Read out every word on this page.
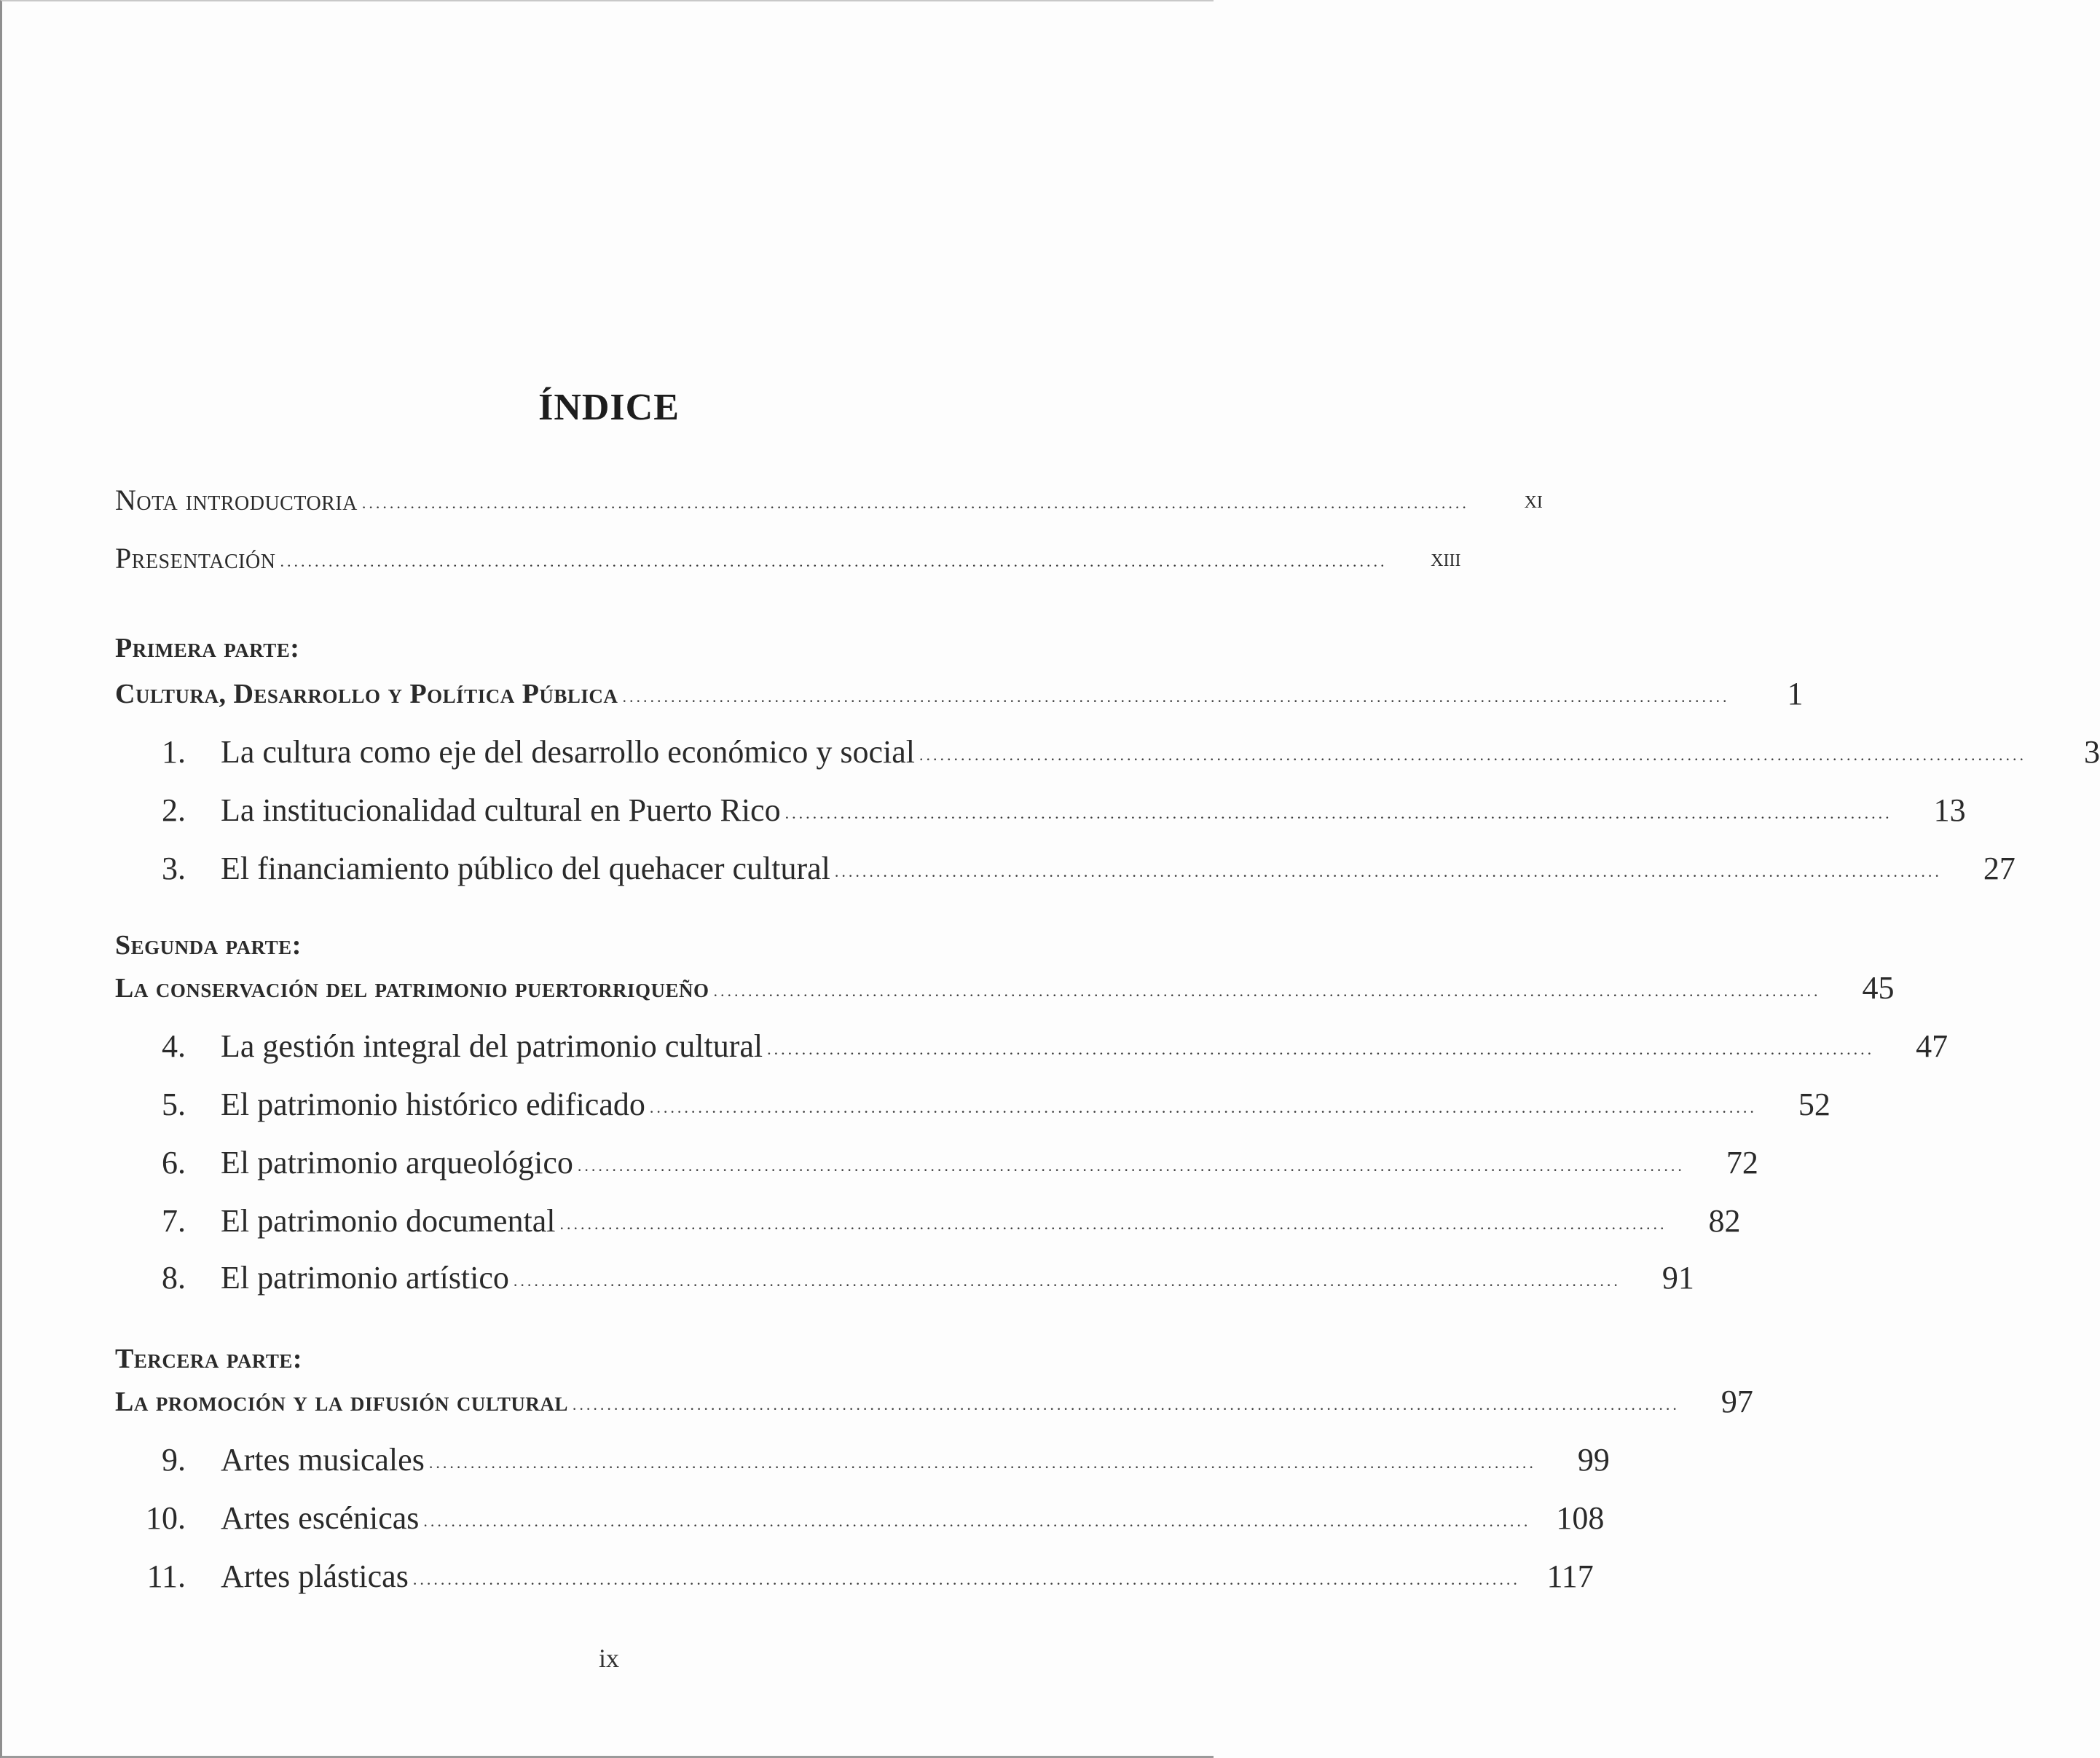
ÍNDICE
Nota introductoria ................................................................................................................................................................	xi
Presentación ................................................................................................................................................................	xiii
Primera parte:
Cultura, Desarrollo y Política Pública ................................................................................................................................................................	1
1.	La cultura como eje del desarrollo económico y social ................................................................................................................................................................	3
2.	La institucionalidad cultural en Puerto Rico ................................................................................................................................................................	13
3.	El financiamiento público del quehacer cultural ................................................................................................................................................................	27
Segunda parte:
La conservación del patrimonio puertorriqueño ................................................................................................................................................................	45
4.	La gestión integral del patrimonio cultural ................................................................................................................................................................	47
5.	El patrimonio histórico edificado ................................................................................................................................................................	52
6.	El patrimonio arqueológico ................................................................................................................................................................	72
7.	El patrimonio documental ................................................................................................................................................................	82
8.	El patrimonio artístico ................................................................................................................................................................	91
Tercera parte:
La promoción y la difusión cultural ................................................................................................................................................................	97
9.	Artes musicales ................................................................................................................................................................	99
10.	Artes escénicas ................................................................................................................................................................ 108
11.	Artes plásticas ................................................................................................................................................................ 117
ix
